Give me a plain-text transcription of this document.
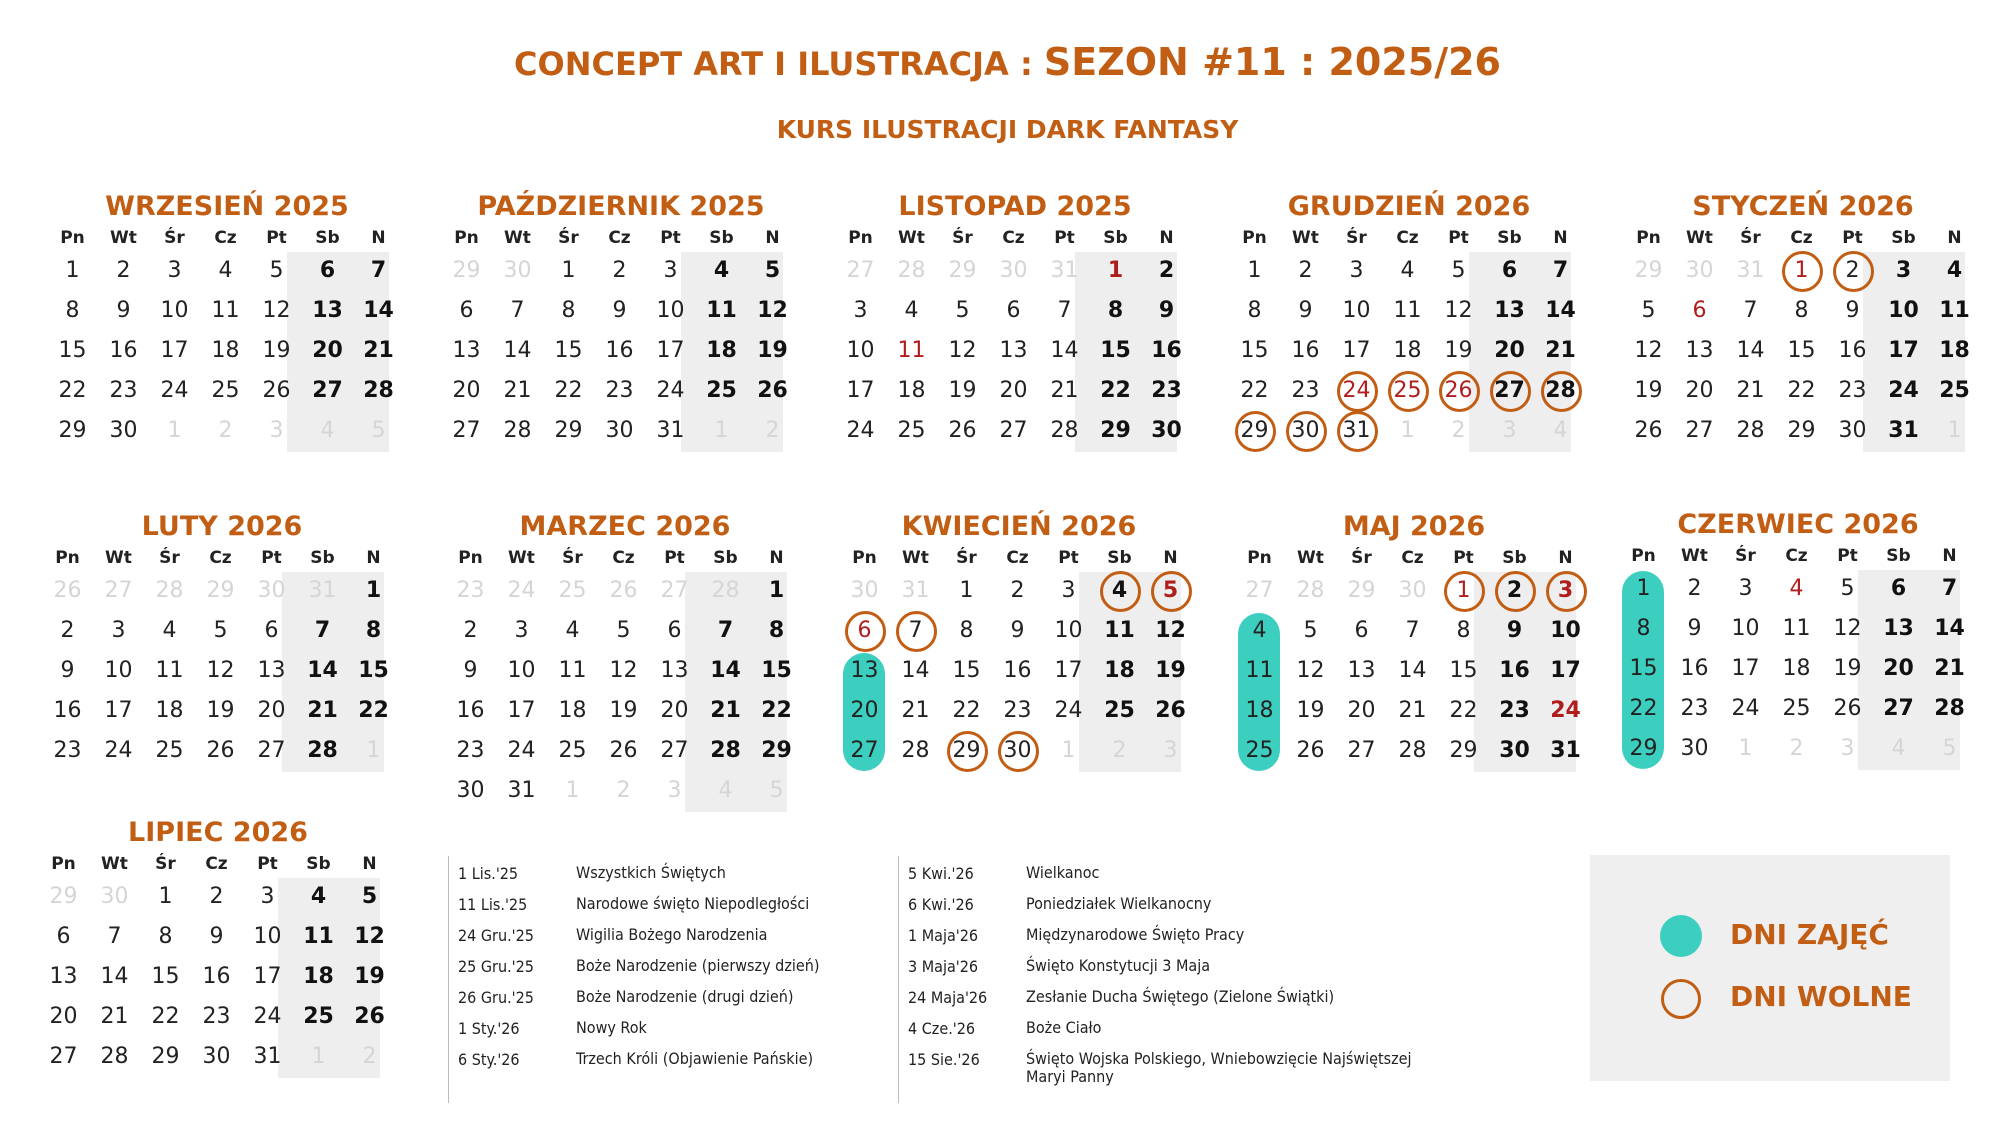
CONCEPT ART I ILUSTRACJA : SEZON #11 : 2025/26
KURS ILUSTRACJI DARK FANTASY
WRZESIEŃ 2025
Pn	Wt	Śr	Cz	Pt	Sb	N
1	2	3	4	5	6	7
8	9	10	11	12 13 14
15	16	17	18	19 20 21
22	23	24	25	26 27 28
29	30	1	2	3	4	5
PAŹDZIERNIK 2025
Pn	Wt	Śr	Cz	Pt	Sb	N
29	30	1	2	3	4	5
6	7	8	9	10 11 12
13	14	15	16	17 18 19
20	21	22	23	24 25 26
27	28	29	30	31	1	2
LISTOPAD 2025
Pn	Wt	Śr	Cz	Pt	Sb	N
27	28	29	30	31	1	2
3	4	5	6	7	8	9
10	11	12	13	14 15 16
17	18	19	20	21 22 23
24	25	26	27	28 29 30
GRUDZIEŃ 2026
Pn	Wt	Śr	Cz	Pt	Sb	N
1	2	3	4	5	6	7
8	9	10	11	12 13 14
15	16	17	18	19 20 21
22	23	24	25	26 27 28
29	30	31	1	2	3	4
STYCZEŃ 2026
Pn	Wt	Śr	Cz	Pt	Sb	N
29	30	31	1	2	3	4
5	6	7	8	9	10 11
12	13	14	15	16 17 18
19	20	21	22	23 24 25
26	27	28	29	30 31	1
LUTY 2026
Pn	Wt	Śr	Cz	Pt	Sb	N
26	27	28	29	30	31	1
2	3	4	5	6	7	8
9	10	11	12	13 14 15
16	17	18	19	20 21 22
23	24	25	26	27 28	1
MARZEC 2026
Pn	Wt	Śr	Cz	Pt	Sb	N
23	24	25	26	27	28	1
2	3	4	5	6	7	8
9	10	11	12	13 14 15
16	17	18	19	20 21 22
23	24	25	26	27 28 29
30	31	1	2	3	4	5
KWIECIEŃ 2026
Pn	Wt	Śr	Cz	Pt	Sb	N
30	31	1	2	3	4	5
6	7	8	9	10 11 12
13	14	15	16	17 18 19
20	21	22	23	24 25 26
27	28	29	30	1	2	3
MAJ 2026
Pn	Wt	Śr	Cz	Pt	Sb	N
27	28	29	30	1	2	3
4	5	6	7	8	9	10
11	12	13	14	15 16 17
18	19	20	21	22 23 24
25	26	27	28	29 30 31
CZERWIEC 2026
Pn	Wt	Śr	Cz	Pt	Sb	N
1	2	3	4	5	6	7
8	9	10	11	12 13 14
15	16	17	18	19 20 21
22	23	24	25	26 27 28
29	30	1	2	3	4	5
LIPIEC 2026
Pn	Wt	Śr	Cz	Pt	Sb	N
29	30	1	2	3	4	5
6	7	8	9	10 11 12
13	14	15	16	17 18 19
20	21	22	23	24 25 26
27	28	29	30	31	1	2
1 Lis.'25	Wszystkich Świętych
11 Lis.'25	Narodowe święto Niepodległości
24 Gru.'25	Wigilia Bożego Narodzenia
25 Gru.'25	Boże Narodzenie (pierwszy dzień)
26 Gru.'25	Boże Narodzenie (drugi dzień)
1 Sty.'26	Nowy Rok
6 Sty.'26	Trzech Króli (Objawienie Pańskie)
5 Kwi.'26	Wielkanoc
6 Kwi.'26	Poniedziałek Wielkanocny
1 Maja'26	Międzynarodowe Święto Pracy
3 Maja'26	Święto Konstytucji 3 Maja
24 Maja'26 Zesłanie Ducha Świętego (Zielone Świątki)
4 Cze.'26	Boże Ciało
15 Sie.'26	Święto Wojska Polskiego, Wniebowzięcie Najświętszej Maryi Panny
DNI ZAJĘĆ
DNI WOLNE
